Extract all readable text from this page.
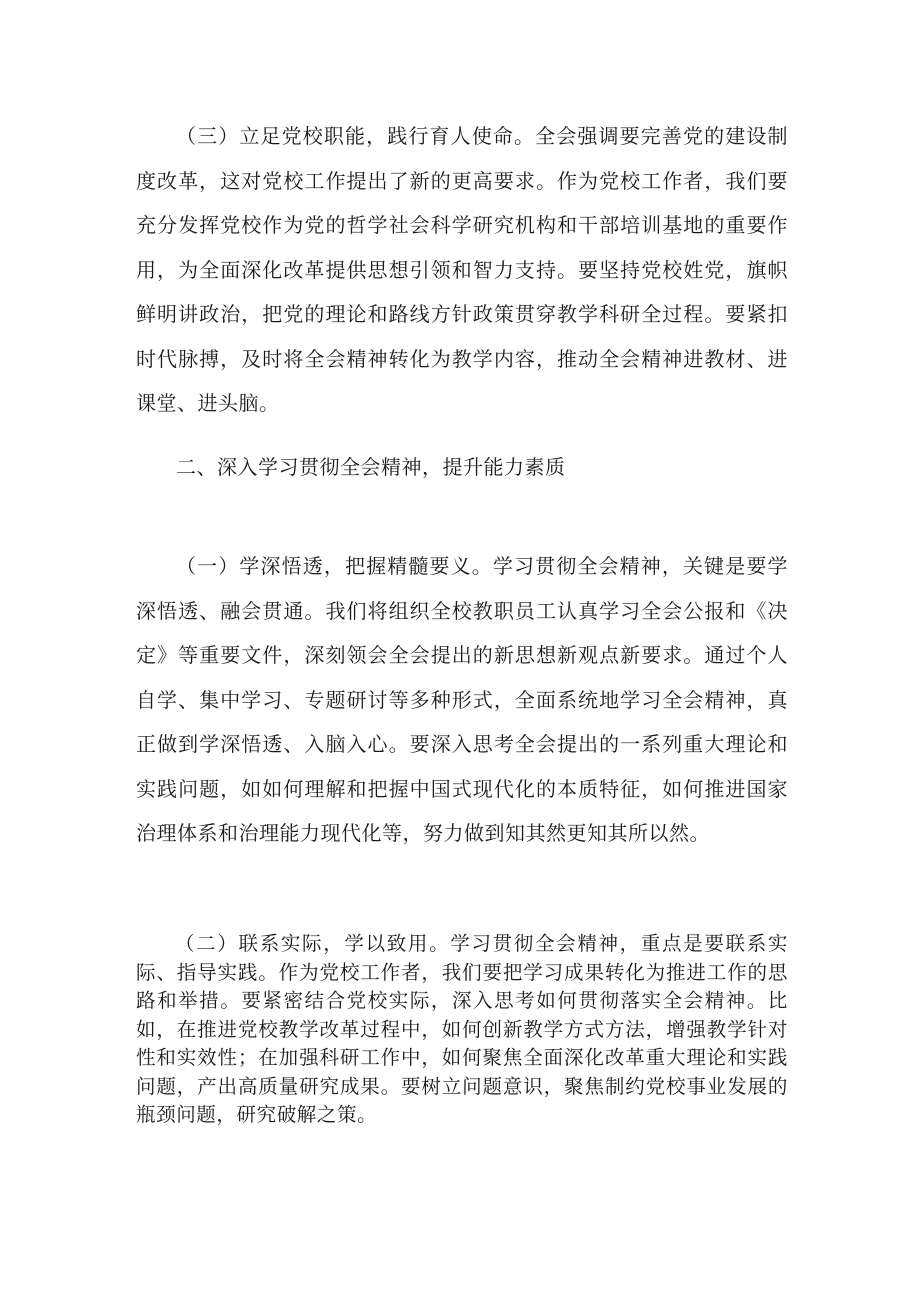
（三）立足党校职能，践行育人使命。全会强调要完善党的建设制度改革，这对党校工作提出了新的更高要求。作为党校工作者，我们要充分发挥党校作为党的哲学社会科学研究机构和干部培训基地的重要作用，为全面深化改革提供思想引领和智力支持。要坚持党校姓党，旗帜鲜明讲政治，把党的理论和路线方针政策贯穿教学科研全过程。要紧扣时代脉搏，及时将全会精神转化为教学内容，推动全会精神进教材、进课堂、进头脑。

二、深入学习贯彻全会精神，提升能力素质

（一）学深悟透，把握精髓要义。学习贯彻全会精神，关键是要学深悟透、融会贯通。我们将组织全校教职员工认真学习全会公报和《决定》等重要文件，深刻领会全会提出的新思想新观点新要求。通过个人自学、集中学习、专题研讨等多种形式，全面系统地学习全会精神，真正做到学深悟透、入脑入心。要深入思考全会提出的一系列重大理论和实践问题，如如何理解和把握中国式现代化的本质特征，如何推进国家治理体系和治理能力现代化等，努力做到知其然更知其所以然。

（二）联系实际，学以致用。学习贯彻全会精神，重点是要联系实际、指导实践。作为党校工作者，我们要把学习成果转化为推进工作的思路和举措。要紧密结合党校实际，深入思考如何贯彻落实全会精神。比如，在推进党校教学改革过程中，如何创新教学方式方法，增强教学针对性和实效性；在加强科研工作中，如何聚焦全面深化改革重大理论和实践问题，产出高质量研究成果。要树立问题意识，聚焦制约党校事业发展的瓶颈问题，研究破解之策。
